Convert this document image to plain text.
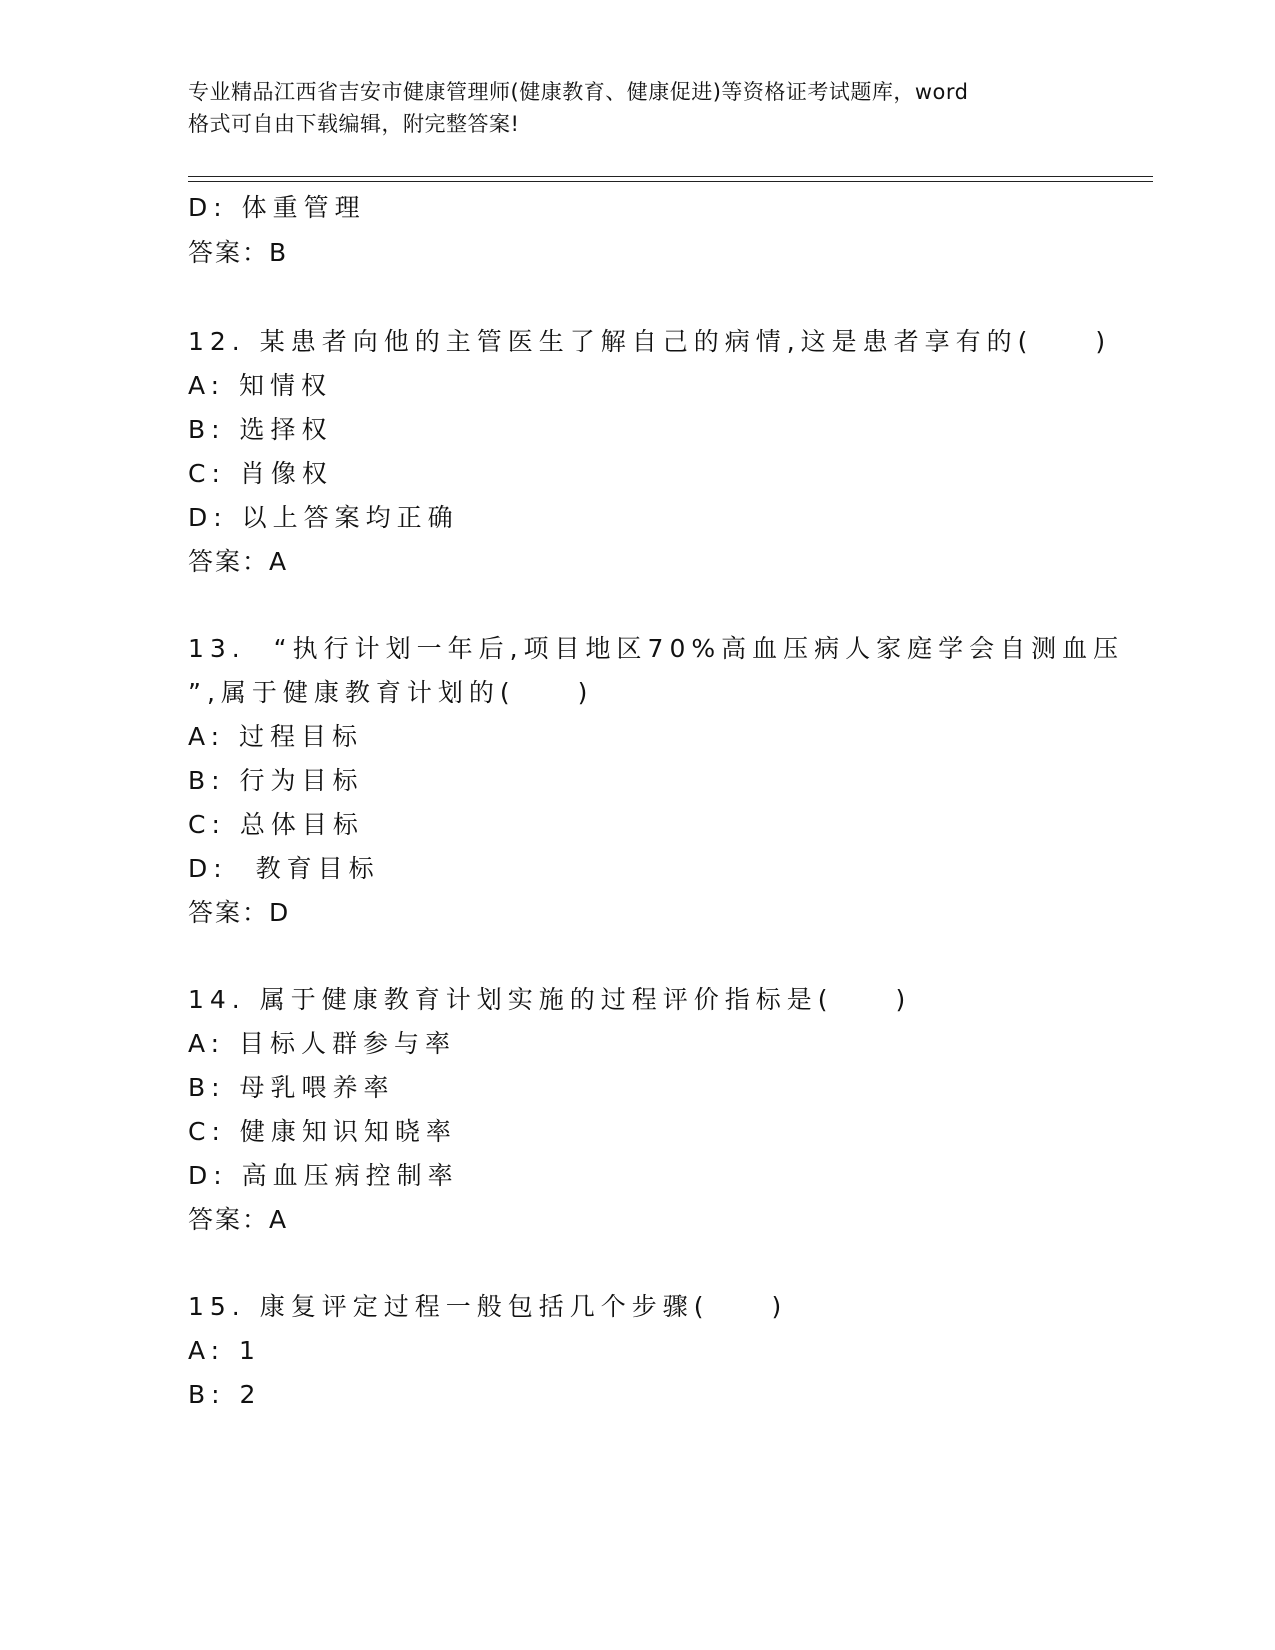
专业精品江西省吉安市健康管理师(健康教育、健康促进)等资格证考试题库，word
格式可自由下载编辑，附完整答案!
D: 体重管理
答案：B
12. 某患者向他的主管医生了解自己的病情,这是患者享有的(　　)
A: 知情权
B: 选择权
C: 肖像权
D: 以上答案均正确
答案：A
13.  “执行计划一年后,项目地区70%高血压病人家庭学会自测血压
”,属于健康教育计划的(　　)
A: 过程目标
B: 行为目标
C: 总体目标
D:  教育目标
答案：D
14. 属于健康教育计划实施的过程评价指标是(　　)
A: 目标人群参与率
B: 母乳喂养率
C: 健康知识知晓率
D: 高血压病控制率
答案：A
15. 康复评定过程一般包括几个步骤(　　)
A: 1
B: 2
